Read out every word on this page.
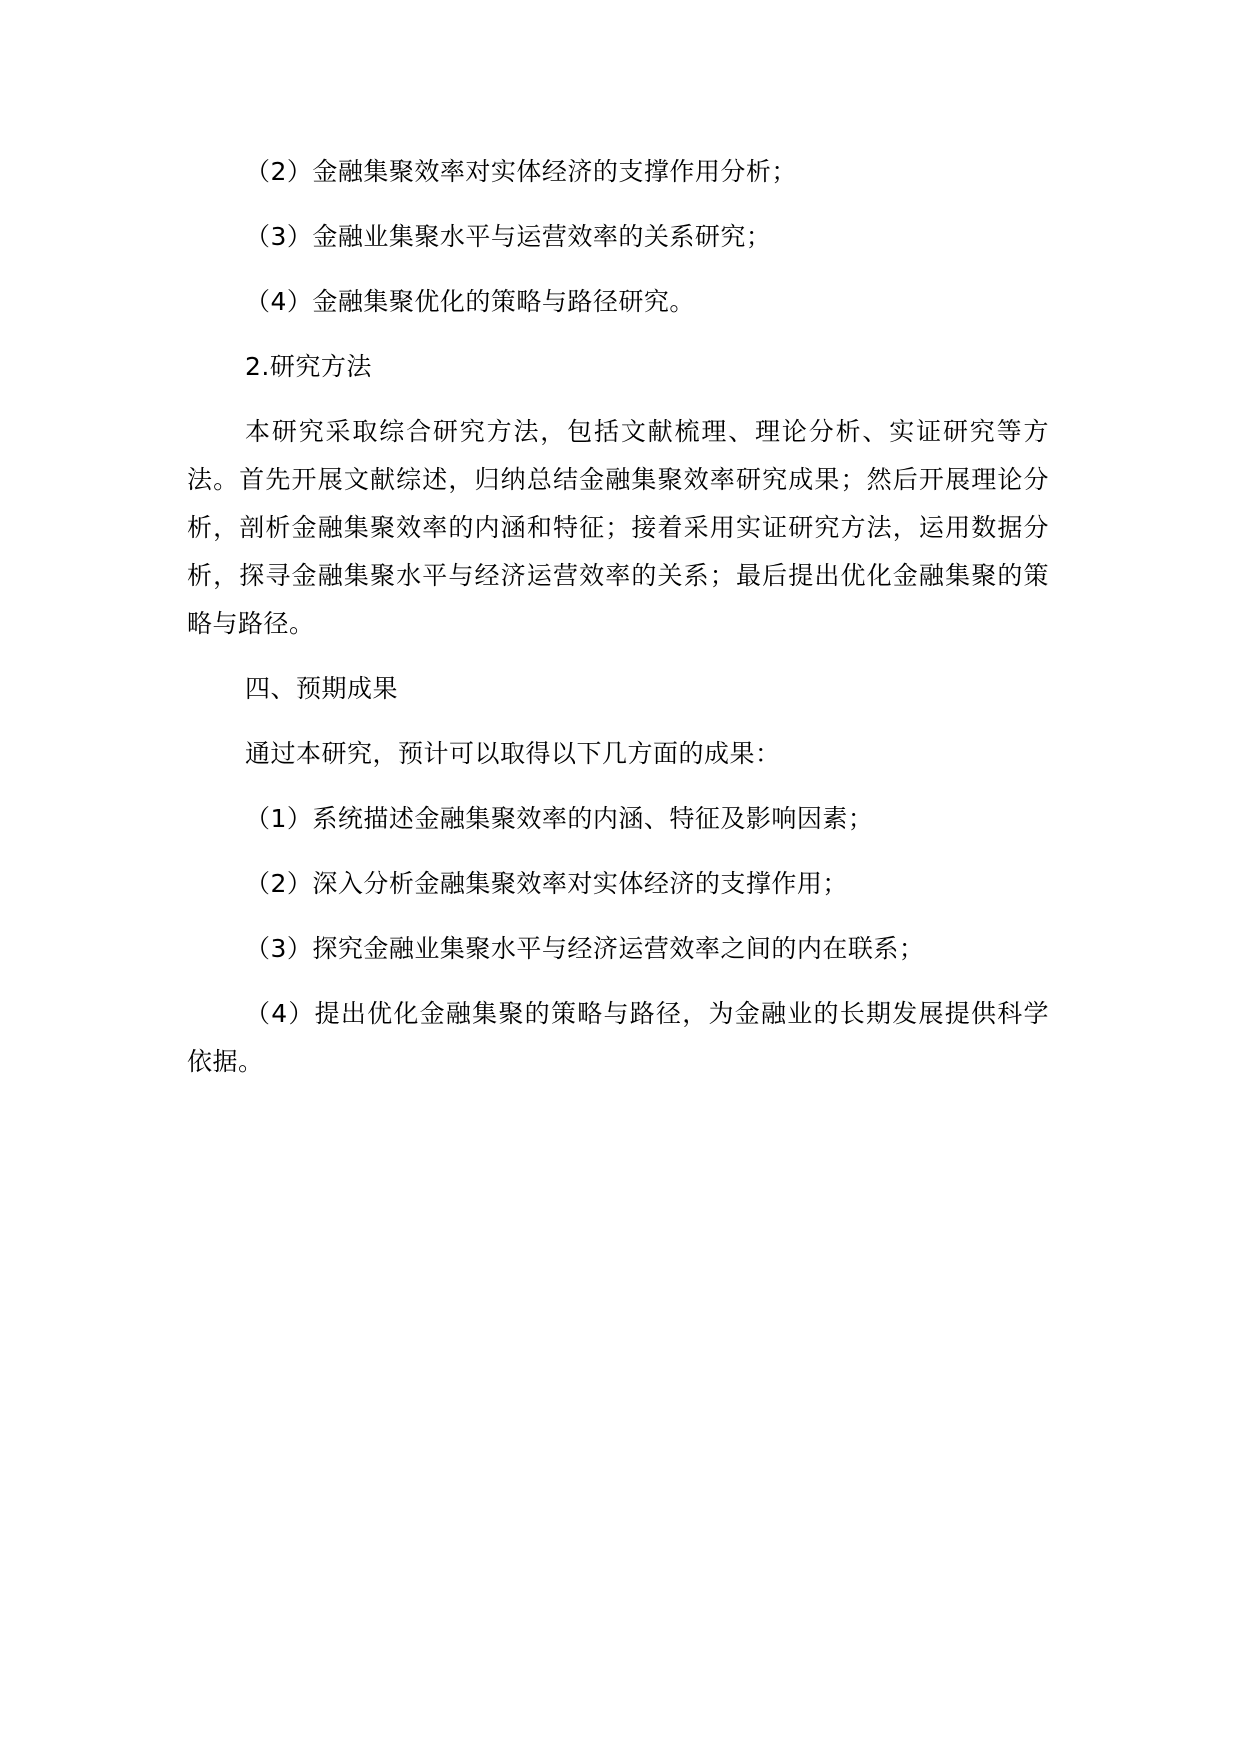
（2）金融集聚效率对实体经济的支撑作用分析；
（3）金融业集聚水平与运营效率的关系研究；
（4）金融集聚优化的策略与路径研究。
2.研究方法
本研究采取综合研究方法，包括文献梳理、理论分析、实证研究等方法。首先开展文献综述，归纳总结金融集聚效率研究成果；然后开展理论分析，剖析金融集聚效率的内涵和特征；接着采用实证研究方法，运用数据分析，探寻金融集聚水平与经济运营效率的关系；最后提出优化金融集聚的策略与路径。
四、预期成果
通过本研究，预计可以取得以下几方面的成果：
（1）系统描述金融集聚效率的内涵、特征及影响因素；
（2）深入分析金融集聚效率对实体经济的支撑作用；
（3）探究金融业集聚水平与经济运营效率之间的内在联系；
（4）提出优化金融集聚的策略与路径，为金融业的长期发展提供科学依据。
